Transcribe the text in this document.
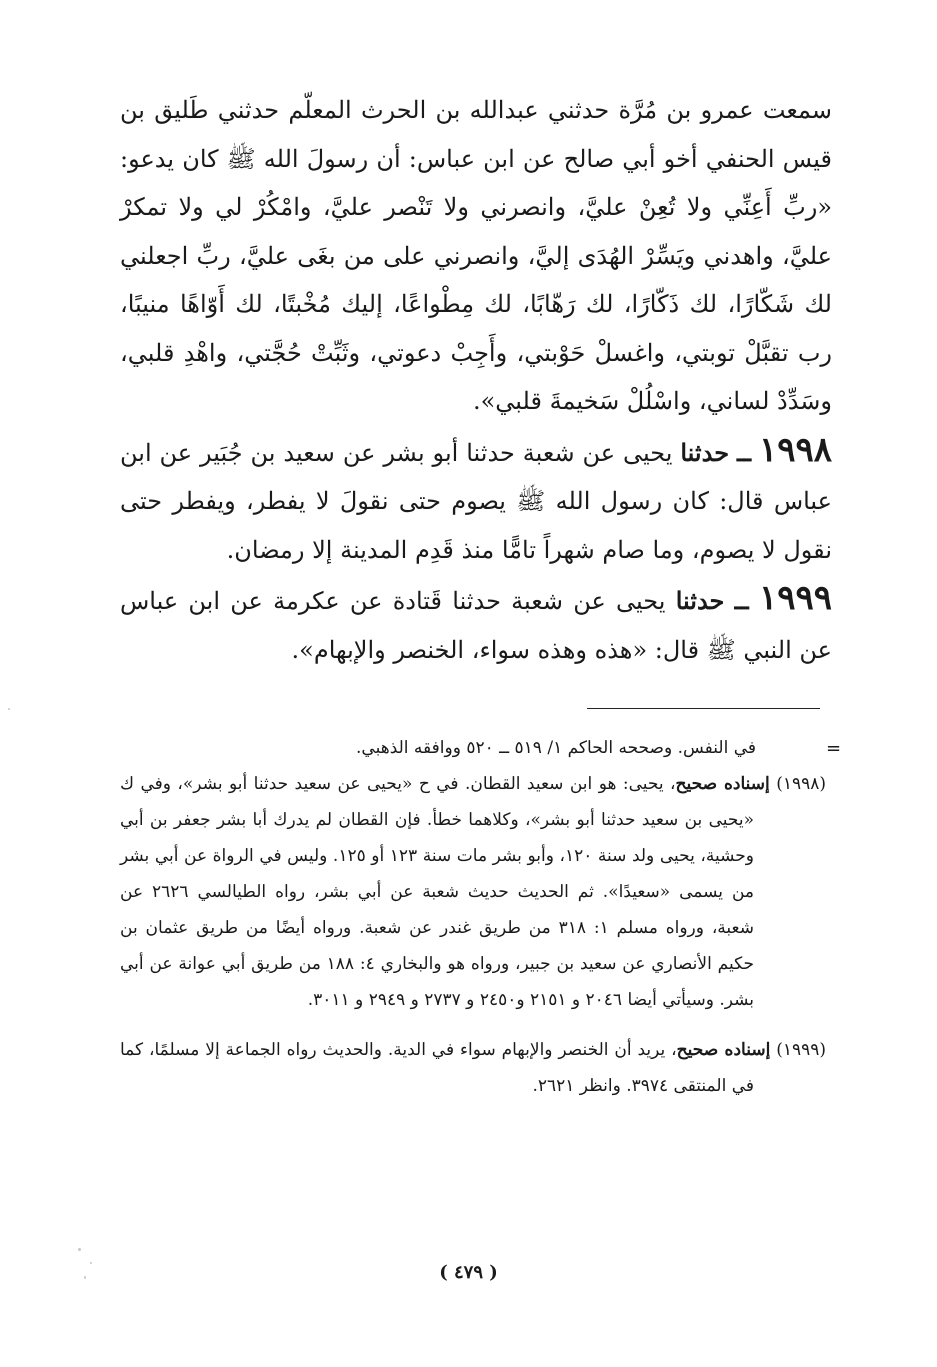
سمعت عمرو بن مُرَّة حدثني عبدالله بن الحرث المعلّم حدثني طَليق بن قيس الحنفي أخو أبي صالح عن ابن عباس: أن رسولَ الله ﷺ كان يدعو: «ربِّ أَعِنِّي ولا تُعِنْ عليَّ، وانصرني ولا تَنْصر عليَّ، وامْكُرْ لي ولا تمكرْ عليَّ، واهدني ويَسِّرْ الهُدَى إليَّ، وانصرني على من بغَى عليَّ، ربِّ اجعلني لك شَكّارًا، لك ذَكّارًا، لك رَهّابًا، لك مِطْواعًا، إليك مُخْبتًا، لك أَوّاهًا منيبًا، رب تقبَّلْ توبتي، واغسلْ حَوْبتي، وأَجِبْ دعوتي، وثَبِّتْ حُجَّتي، واهْدِ قلبي، وسَدِّدْ لساني، واسْلُلْ سَخيمةَ قلبي».

١٩٩٨ ــ حدثنا يحيى عن شعبة حدثنا أبو بشر عن سعيد بن جُبَير عن ابن عباس قال: كان رسول الله ﷺ يصوم حتى نقولَ لا يفطر، ويفطر حتى نقول لا يصوم، وما صام شهراً تامًّا منذ قَدِم المدينة إلا رمضان.

١٩٩٩ ــ حدثنا يحيى عن شعبة حدثنا قَتادة عن عكرمة عن ابن عباس عن النبي ﷺ قال: «هذه وهذه سواء، الخنصر والإبهام».

=

في النفس. وصححه الحاكم ١/ ٥١٩ ــ ٥٢٠ ووافقه الذهبي.

(١٩٩٨) إسناده صحيح، يحيى: هو ابن سعيد القطان. في ح «يحيى عن سعيد حدثنا أبو بشر»، وفي ك «يحيى بن سعيد حدثنا أبو بشر»، وكلاهما خطأ. فإن القطان لم يدرك أبا بشر جعفر بن أبي وحشية، يحيى ولد سنة ١٢٠، وأبو بشر مات سنة ١٢٣ أو ١٢٥. وليس في الرواة عن أبي بشر من يسمى «سعيدًا». ثم الحديث حديث شعبة عن أبي بشر، رواه الطيالسي ٢٦٢٦ عن شعبة، ورواه مسلم ١: ٣١٨ من طريق غندر عن شعبة. ورواه أيضًا من طريق عثمان بن حكيم الأنصاري عن سعيد بن جبير، ورواه هو والبخاري ٤: ١٨٨ من طريق أبي عوانة عن أبي بشر. وسيأتي أيضا ٢٠٤٦ و ٢١٥١ و٢٤٥٠ و ٢٧٣٧ و ٢٩٤٩ و ٣٠١١.

(١٩٩٩) إسناده صحيح، يريد أن الخنصر والإبهام سواء في الدية. والحديث رواه الجماعة إلا مسلمًا، كما في المنتقى ٣٩٧٤. وانظر ٢٦٢١.

( ٤٧٩ )
